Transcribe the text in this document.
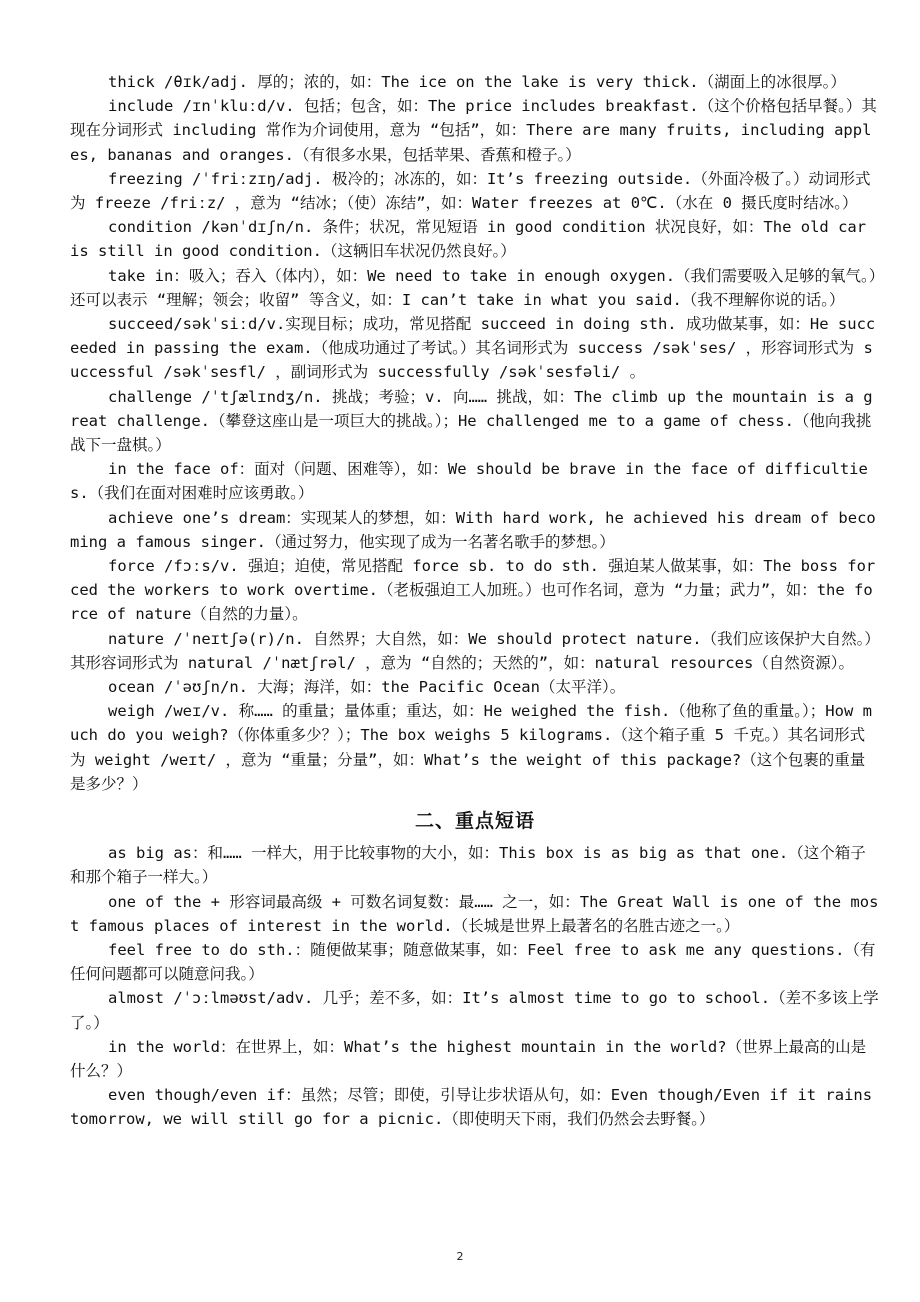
thick /θɪk/adj. 厚的；浓的，如：The ice on the lake is very thick.（湖面上的冰很厚。）

include /ɪnˈkluːd/v. 包括；包含，如：The price includes breakfast.（这个价格包括早餐。）其现在分词形式 including 常作为介词使用，意为 “包括”，如：There are many fruits, including apples, bananas and oranges.（有很多水果，包括苹果、香蕉和橙子。）

freezing /ˈfriːzɪŋ/adj. 极冷的；冰冻的，如：It’s freezing outside.（外面冷极了。）动词形式为 freeze /friːz/ ，意为 “结冰；（使）冻结”，如：Water freezes at 0℃.（水在 0 摄氏度时结冰。）

condition /kənˈdɪʃn/n. 条件；状况，常见短语 in good condition 状况良好，如：The old car is still in good condition.（这辆旧车状况仍然良好。）

take in：吸入；吞入（体内），如：We need to take in enough oxygen.（我们需要吸入足够的氧气。）还可以表示 “理解；领会；收留” 等含义，如：I can’t take in what you said.（我不理解你说的话。）

succeed/səkˈsiːd/v.实现目标；成功，常见搭配 succeed in doing sth. 成功做某事，如：He succeeded in passing the exam.（他成功通过了考试。）其名词形式为 success /səkˈses/ ，形容词形式为 successful /səkˈsesfl/ ，副词形式为 successfully /səkˈsesfəli/ 。

challenge /ˈtʃælɪndʒ/n. 挑战；考验；v. 向…… 挑战，如：The climb up the mountain is a great challenge.（攀登这座山是一项巨大的挑战。）；He challenged me to a game of chess.（他向我挑战下一盘棋。）

in the face of：面对（问题、困难等），如：We should be brave in the face of difficulties.（我们在面对困难时应该勇敢。）

achieve one’s dream：实现某人的梦想，如：With hard work, he achieved his dream of becoming a famous singer.（通过努力，他实现了成为一名著名歌手的梦想。）

force /fɔːs/v. 强迫；迫使，常见搭配 force sb. to do sth. 强迫某人做某事，如：The boss forced the workers to work overtime.（老板强迫工人加班。）也可作名词，意为 “力量；武力”，如：the force of nature（自然的力量）。

nature /ˈneɪtʃə(r)/n. 自然界；大自然，如：We should protect nature.（我们应该保护大自然。）其形容词形式为 natural /ˈnætʃrəl/ ，意为 “自然的；天然的”，如：natural resources（自然资源）。

ocean /ˈəʊʃn/n. 大海；海洋，如：the Pacific Ocean（太平洋）。

weigh /weɪ/v. 称…… 的重量；量体重；重达，如：He weighed the fish.（他称了鱼的重量。）；How much do you weigh?（你体重多少？）；The box weighs 5 kilograms.（这个箱子重 5 千克。）其名词形式为 weight /weɪt/ ，意为 “重量；分量”，如：What’s the weight of this package?（这个包裹的重量是多少？）

二、重点短语

as big as：和…… 一样大，用于比较事物的大小，如：This box is as big as that one.（这个箱子和那个箱子一样大。）

one of the + 形容词最高级 + 可数名词复数：最…… 之一，如：The Great Wall is one of the most famous places of interest in the world.（长城是世界上最著名的名胜古迹之一。）

feel free to do sth.：随便做某事；随意做某事，如：Feel free to ask me any questions.（有任何问题都可以随意问我。）

almost /ˈɔːlməʊst/adv. 几乎；差不多，如：It’s almost time to go to school.（差不多该上学了。）

in the world：在世界上，如：What’s the highest mountain in the world?（世界上最高的山是什么？）

even though/even if：虽然；尽管；即使，引导让步状语从句，如：Even though/Even if it rains tomorrow, we will still go for a picnic.（即使明天下雨，我们仍然会去野餐。）

2
